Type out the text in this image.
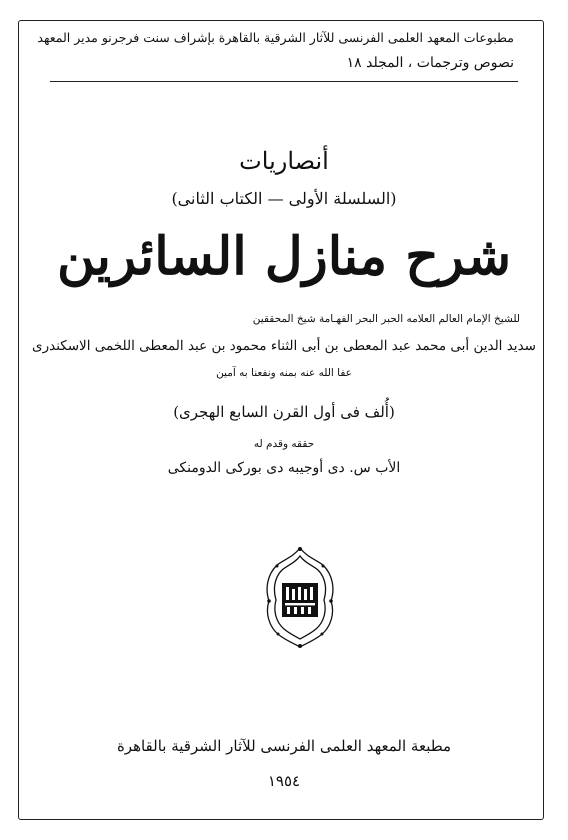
مطبوعات المعهد العلمى الفرنسى للآثار الشرقية بالقاهرة بإشراف سنت فرجرنو مدير المعهد
نصوص وترجمات ، المجلد ١٨
أنصاريات
(السلسلة الأولى — الكتاب الثانى)
شرح منازل السائرين
للشيخ الإمام العالم العلامه الحبر البحر الفهـامة شيخ المحققين
سديد الدين أبى محمد عبد المعطى بن أبى الثناء محمود بن عبد المعطى اللخمى الاسكندرى
عفا الله عنه بمنه ونفعنا به آمين
(أُلف فى أول القرن السابع الهجرى)
حققه وقدم له
الأب س. دى أوجيبه دى بوركى الدومنكى
مطبعة المعهد العلمى الفرنسى للآثار الشرقية بالقاهرة
١٩٥٤
